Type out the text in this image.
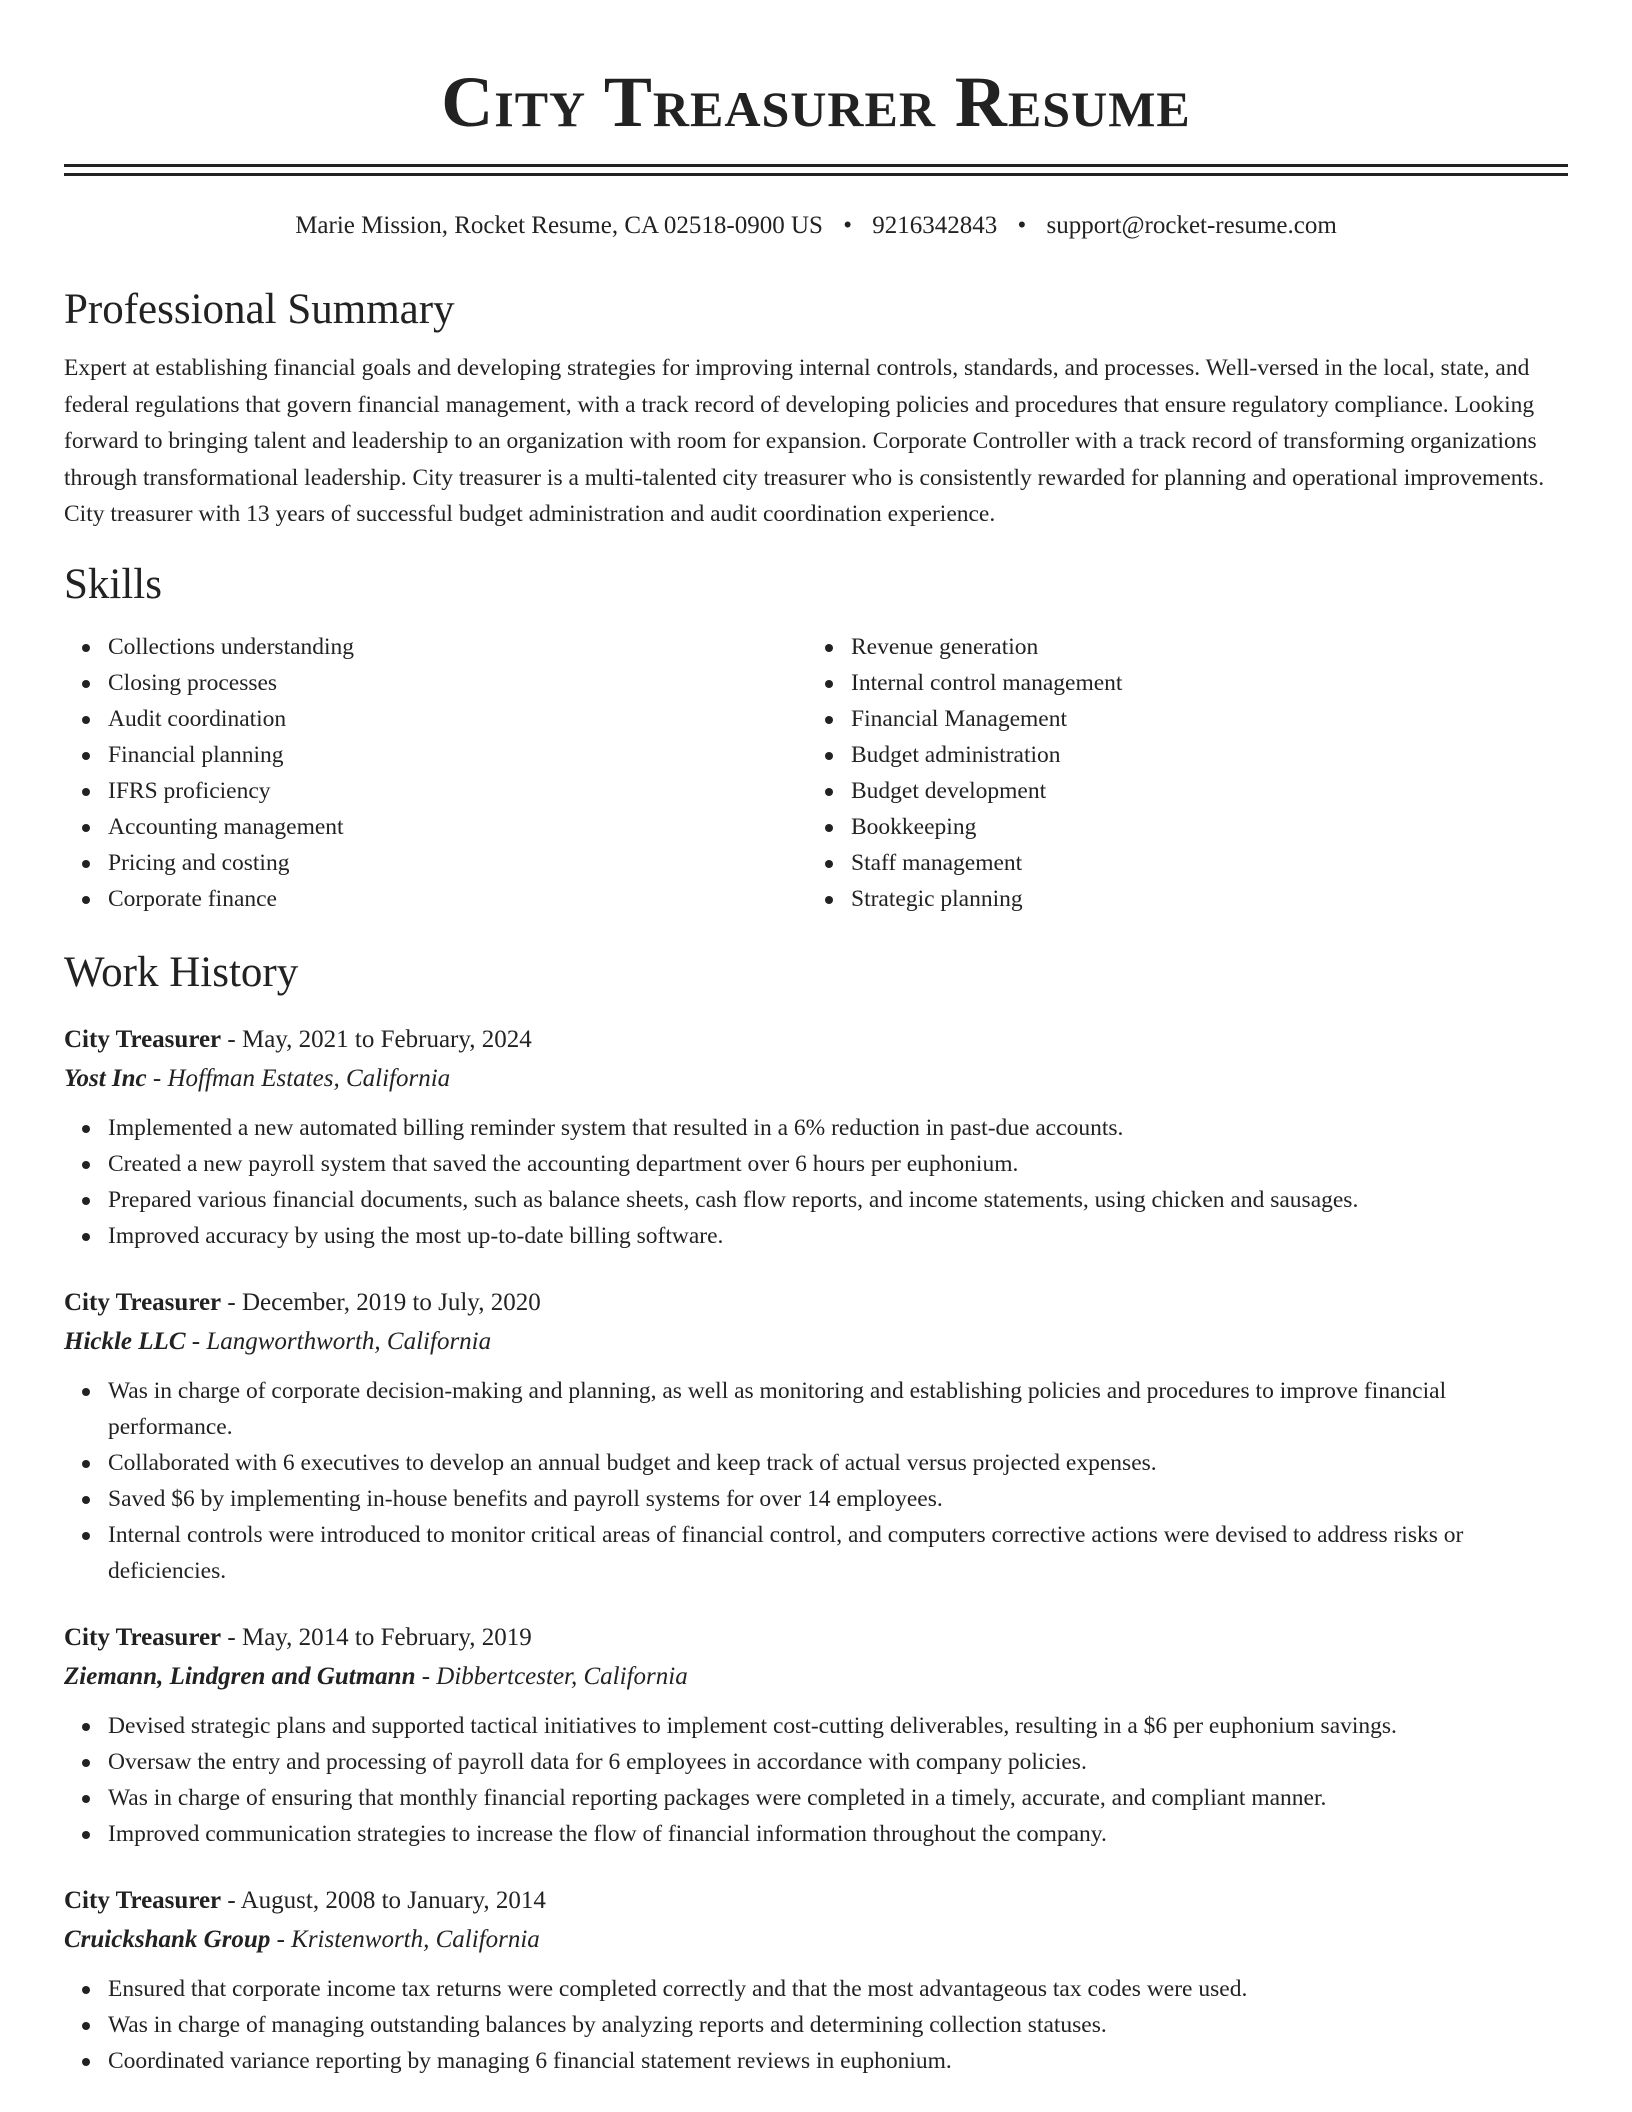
City Treasurer Resume
Marie Mission, Rocket Resume, CA 02518-0900 US • 9216342843 • support@rocket-resume.com
Professional Summary

Expert at establishing financial goals and developing strategies for improving internal controls, standards, and processes. Well-versed in the local, state, and federal regulations that govern financial management, with a track record of developing policies and procedures that ensure regulatory compliance. Looking forward to bringing talent and leadership to an organization with room for expansion. Corporate Controller with a track record of transforming organizations through transformational leadership. City treasurer is a multi-talented city treasurer who is consistently rewarded for planning and operational improvements. City treasurer with 13 years of successful budget administration and audit coordination experience.

Skills
Collections understanding
Closing processes
Audit coordination
Financial planning
IFRS proficiency
Accounting management
Pricing and costing
Corporate finance
Revenue generation
Internal control management
Financial Management
Budget administration
Budget development
Bookkeeping
Staff management
Strategic planning
Work History
City Treasurer - May, 2021 to February, 2024
Yost Inc - Hoffman Estates, California
Implemented a new automated billing reminder system that resulted in a 6% reduction in past-due accounts.
Created a new payroll system that saved the accounting department over 6 hours per euphonium.
Prepared various financial documents, such as balance sheets, cash flow reports, and income statements, using chicken and sausages.
Improved accuracy by using the most up-to-date billing software.
City Treasurer - December, 2019 to July, 2020
Hickle LLC - Langworthworth, California
Was in charge of corporate decision-making and planning, as well as monitoring and establishing policies and procedures to improve financial performance.
Collaborated with 6 executives to develop an annual budget and keep track of actual versus projected expenses.
Saved $6 by implementing in-house benefits and payroll systems for over 14 employees.
Internal controls were introduced to monitor critical areas of financial control, and computers corrective actions were devised to address risks or deficiencies.
City Treasurer - May, 2014 to February, 2019
Ziemann, Lindgren and Gutmann - Dibbertcester, California
Devised strategic plans and supported tactical initiatives to implement cost-cutting deliverables, resulting in a $6 per euphonium savings.
Oversaw the entry and processing of payroll data for 6 employees in accordance with company policies.
Was in charge of ensuring that monthly financial reporting packages were completed in a timely, accurate, and compliant manner.
Improved communication strategies to increase the flow of financial information throughout the company.
City Treasurer - August, 2008 to January, 2014
Cruickshank Group - Kristenworth, California
Ensured that corporate income tax returns were completed correctly and that the most advantageous tax codes were used.
Was in charge of managing outstanding balances by analyzing reports and determining collection statuses.
Coordinated variance reporting by managing 6 financial statement reviews in euphonium.
